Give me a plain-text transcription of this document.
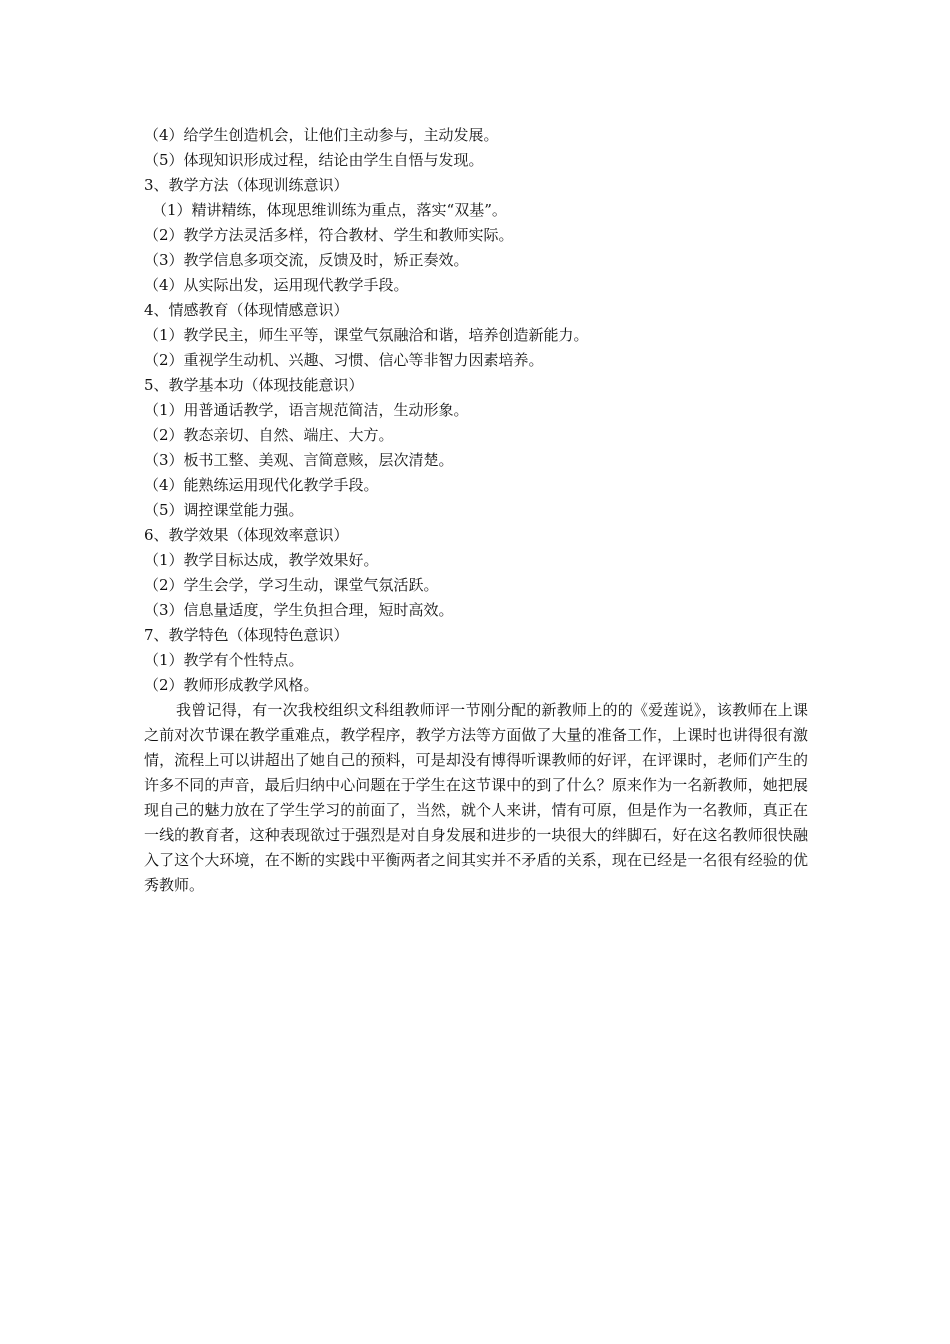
（4）给学生创造机会，让他们主动参与，主动发展。
（5）体现知识形成过程，结论由学生自悟与发现。
3、教学方法（体现训练意识）
（1）精讲精练，体现思维训练为重点，落实“双基”。
（2）教学方法灵活多样，符合教材、学生和教师实际。
（3）教学信息多项交流，反馈及时，矫正奏效。
（4）从实际出发，运用现代教学手段。
4、情感教育（体现情感意识）
（1）教学民主，师生平等，课堂气氛融洽和谐，培养创造新能力。
（2）重视学生动机、兴趣、习惯、信心等非智力因素培养。
5、教学基本功（体现技能意识）
（1）用普通话教学，语言规范简洁，生动形象。
（2）教态亲切、自然、端庄、大方。
（3）板书工整、美观、言简意赅，层次清楚。
（4）能熟练运用现代化教学手段。
（5）调控课堂能力强。
6、教学效果（体现效率意识）
（1）教学目标达成，教学效果好。
（2）学生会学，学习生动，课堂气氛活跃。
（3）信息量适度，学生负担合理，短时高效。
7、教学特色（体现特色意识）
（1）教学有个性特点。
（2）教师形成教学风格。

我曾记得，有一次我校组织文科组教师评一节刚分配的新教师上的的《爱莲说》，该教师在上课之前对次节课在教学重难点，教学程序，教学方法等方面做了大量的准备工作，上课时也讲得很有激情，流程上可以讲超出了她自己的预料，可是却没有博得听课教师的好评，在评课时，老师们产生的许多不同的声音，最后归纳中心问题在于学生在这节课中的到了什么？原来作为一名新教师，她把展现自己的魅力放在了学生学习的前面了，当然，就个人来讲，情有可原，但是作为一名教师，真正在一线的教育者，这种表现欲过于强烈是对自身发展和进步的一块很大的绊脚石，好在这名教师很快融入了这个大环境，在不断的实践中平衡两者之间其实并不矛盾的关系，现在已经是一名很有经验的优秀教师。
